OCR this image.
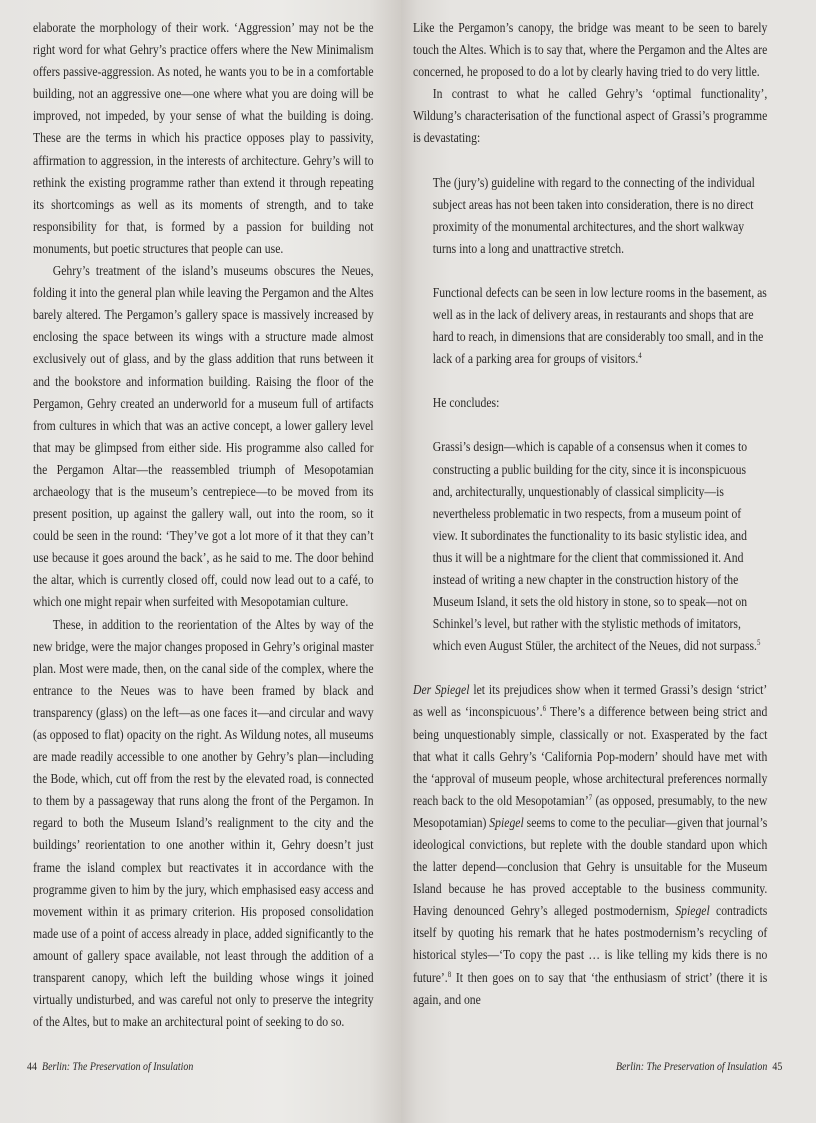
elaborate the morphology of their work. ‘Aggression’ may not be the right word for what Gehry’s practice offers where the New Minimalism offers passive-aggression. As noted, he wants you to be in a comfortable building, not an aggressive one—one where what you are doing will be improved, not impeded, by your sense of what the building is doing. These are the terms in which his practice opposes play to passivity, affirmation to aggression, in the interests of architecture. Gehry’s will to rethink the existing programme rather than extend it through repeating its shortcomings as well as its moments of strength, and to take responsibility for that, is formed by a passion for building not monuments, but poetic structures that people can use.

Gehry’s treatment of the island’s museums obscures the Neues, folding it into the general plan while leaving the Pergamon and the Altes barely altered. The Pergamon’s gallery space is massively increased by enclosing the space between its wings with a structure made almost exclusively out of glass, and by the glass addition that runs between it and the bookstore and information building. Raising the floor of the Pergamon, Gehry created an underworld for a museum full of artifacts from cultures in which that was an active concept, a lower gallery level that may be glimpsed from either side. His programme also called for the Pergamon Altar—the reassembled triumph of Mesopotamian archaeology that is the museum’s centrepiece—to be moved from its present position, up against the gallery wall, out into the room, so it could be seen in the round: ‘They’ve got a lot more of it that they can’t use because it goes around the back’, as he said to me. The door behind the altar, which is currently closed off, could now lead out to a café, to which one might repair when surfeited with Mesopotamian culture.

These, in addition to the reorientation of the Altes by way of the new bridge, were the major changes proposed in Gehry’s original master plan. Most were made, then, on the canal side of the complex, where the entrance to the Neues was to have been framed by black and transparency (glass) on the left—as one faces it—and circular and wavy (as opposed to flat) opacity on the right. As Wildung notes, all museums are made readily accessible to one another by Gehry’s plan—including the Bode, which, cut off from the rest by the elevated road, is connected to them by a passageway that runs along the front of the Pergamon. In regard to both the Museum Island’s realignment to the city and the buildings’ reorientation to one another within it, Gehry doesn’t just frame the island complex but reactivates it in accordance with the programme given to him by the jury, which emphasised easy access and movement within it as primary criterion. His proposed consolidation made use of a point of access already in place, added significantly to the amount of gallery space available, not least through the addition of a transparent canopy, which left the building whose wings it joined virtually undisturbed, and was careful not only to preserve the integrity of the Altes, but to make an architectural point of seeking to do so.

44 Berlin: The Preservation of Insulation

Like the Pergamon’s canopy, the bridge was meant to be seen to barely touch the Altes. Which is to say that, where the Pergamon and the Altes are concerned, he proposed to do a lot by clearly having tried to do very little.

In contrast to what he called Gehry’s ‘optimal functionality’, Wildung’s characterisation of the functional aspect of Grassi’s programme is devastating:

The (jury’s) guideline with regard to the connecting of the individual subject areas has not been taken into consideration, there is no direct proximity of the monumental architectures, and the short walkway turns into a long and unattractive stretch.

Functional defects can be seen in low lecture rooms in the basement, as well as in the lack of delivery areas, in restaurants and shops that are hard to reach, in dimensions that are considerably too small, and in the lack of a parking area for groups of visitors.$^4$

He concludes:

Grassi’s design—which is capable of a consensus when it comes to constructing a public building for the city, since it is inconspicuous and, architecturally, unquestionably of classical simplicity—is nevertheless problematic in two respects, from a museum point of view. It subordinates the functionality to its basic stylistic idea, and thus it will be a nightmare for the client that commissioned it. And instead of writing a new chapter in the construction history of the Museum Island, it sets the old history in stone, so to speak—not on Schinkel’s level, but rather with the stylistic methods of imitators, which even August Stüler, the architect of the Neues, did not surpass.$^5$

Der Spiegel let its prejudices show when it termed Grassi’s design ‘strict’ as well as ‘inconspicuous’.$^6$ There’s a difference between being strict and being unquestionably simple, classically or not. Exasperated by the fact that what it calls Gehry’s ‘California Pop-modern’ should have met with the ‘approval of museum people, whose architectural preferences normally reach back to the old Mesopotamian’$^7$ (as opposed, presumably, to the new Mesopotamian) Spiegel seems to come to the peculiar—given that journal’s ideological convictions, but replete with the double standard upon which the latter depend—conclusion that Gehry is unsuitable for the Museum Island because he has proved acceptable to the business community. Having denounced Gehry’s alleged postmodernism, Spiegel contradicts itself by quoting his remark that he hates postmodernism’s recycling of historical styles—‘To copy the past … is like telling my kids there is no future’.$^8$ It then goes on to say that ‘the enthusiasm of strict’ (there it is again, and one

Berlin: The Preservation of Insulation 45
